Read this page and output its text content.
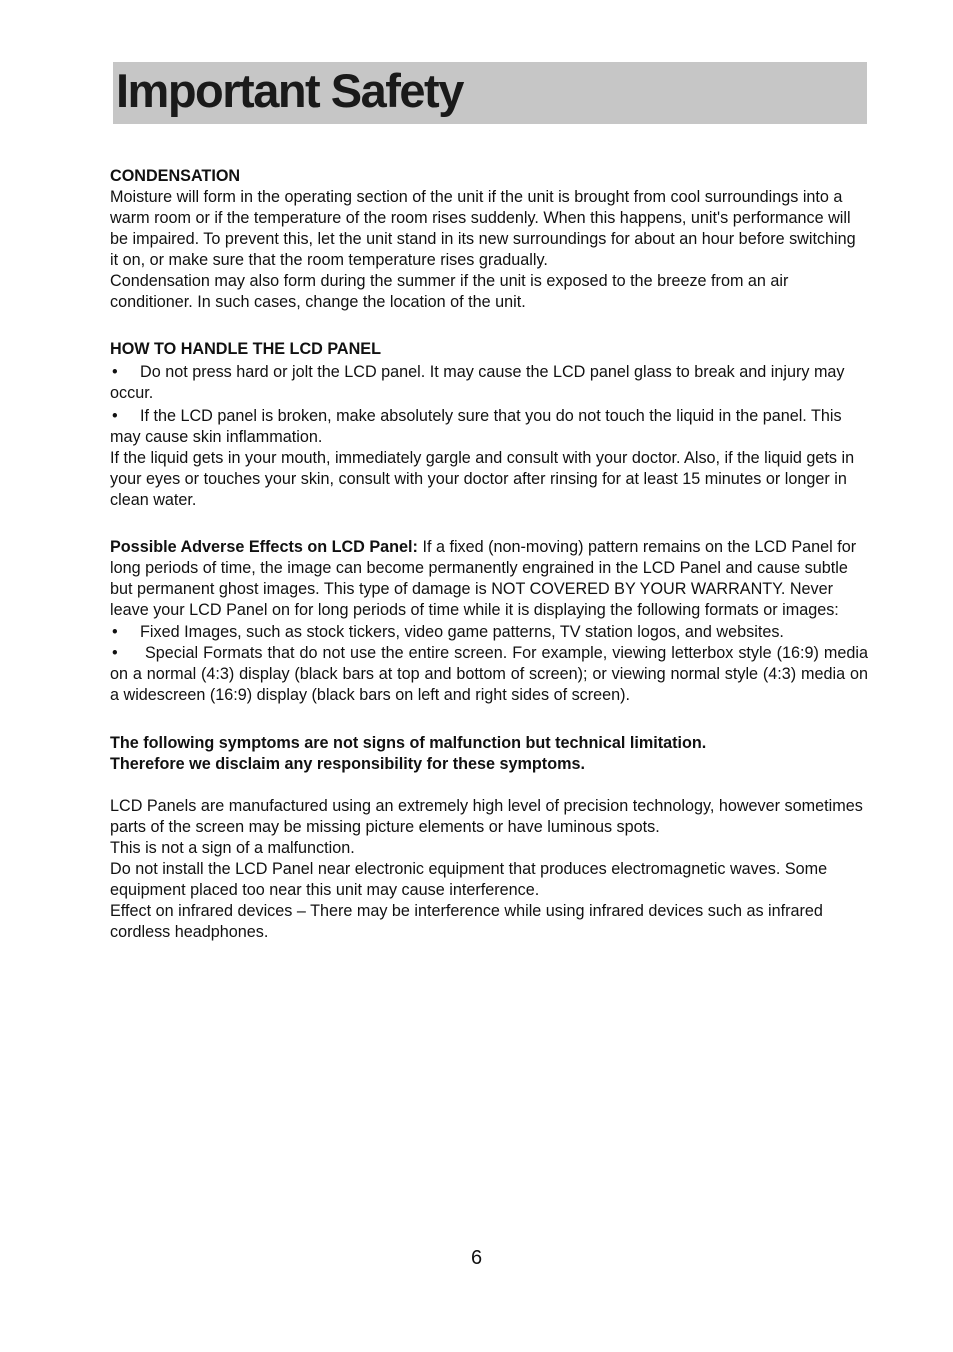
Important Safety

CONDENSATION

Moisture will form in the operating section of the unit if the unit is brought from cool surroundings into a warm room or if the temperature of the room rises suddenly. When this happens, unit's performance will be impaired. To prevent this, let the unit stand in its new surroundings for about an hour before switching it on, or make sure that the room temperature rises gradually.

Condensation may also form during the summer if the unit is exposed to the breeze from an air conditioner. In such cases, change the location of the unit.

HOW TO HANDLE THE LCD PANEL

• Do not press hard or jolt the LCD panel. It may cause the LCD panel glass to break and injury may occur.

• If the LCD panel is broken, make absolutely sure that you do not touch the liquid in the panel. This may cause skin inflammation.

If the liquid gets in your mouth, immediately gargle and consult with your doctor. Also, if the liquid gets in your eyes or touches your skin, consult with your doctor after rinsing for at least 15 minutes or longer in clean water.

Possible Adverse Effects on LCD Panel: If a fixed (non-moving) pattern remains on the LCD Panel for long periods of time, the image can become permanently engrained in the LCD Panel and cause subtle but permanent ghost images. This type of damage is NOT COVERED BY YOUR WARRANTY. Never leave your LCD Panel on for long periods of time while it is displaying the following formats or images:

• Fixed Images, such as stock tickers, video game patterns, TV station logos, and websites.

• Special Formats that do not use the entire screen. For example, viewing letterbox style (16:9) media on a normal (4:3) display (black bars at top and bottom of screen); or viewing normal style (4:3) media on a widescreen (16:9) display (black bars on left and right sides of screen).

The following symptoms are not signs of malfunction but technical limitation.

Therefore we disclaim any responsibility for these symptoms.

LCD Panels are manufactured using an extremely high level of precision technology, however sometimes parts of the screen may be missing picture elements or have luminous spots.

This is not a sign of a malfunction.

Do not install the LCD Panel near electronic equipment that produces electromagnetic waves. Some equipment placed too near this unit may cause interference.

Effect on infrared devices – There may be interference while using infrared devices such as infrared cordless headphones.

6
